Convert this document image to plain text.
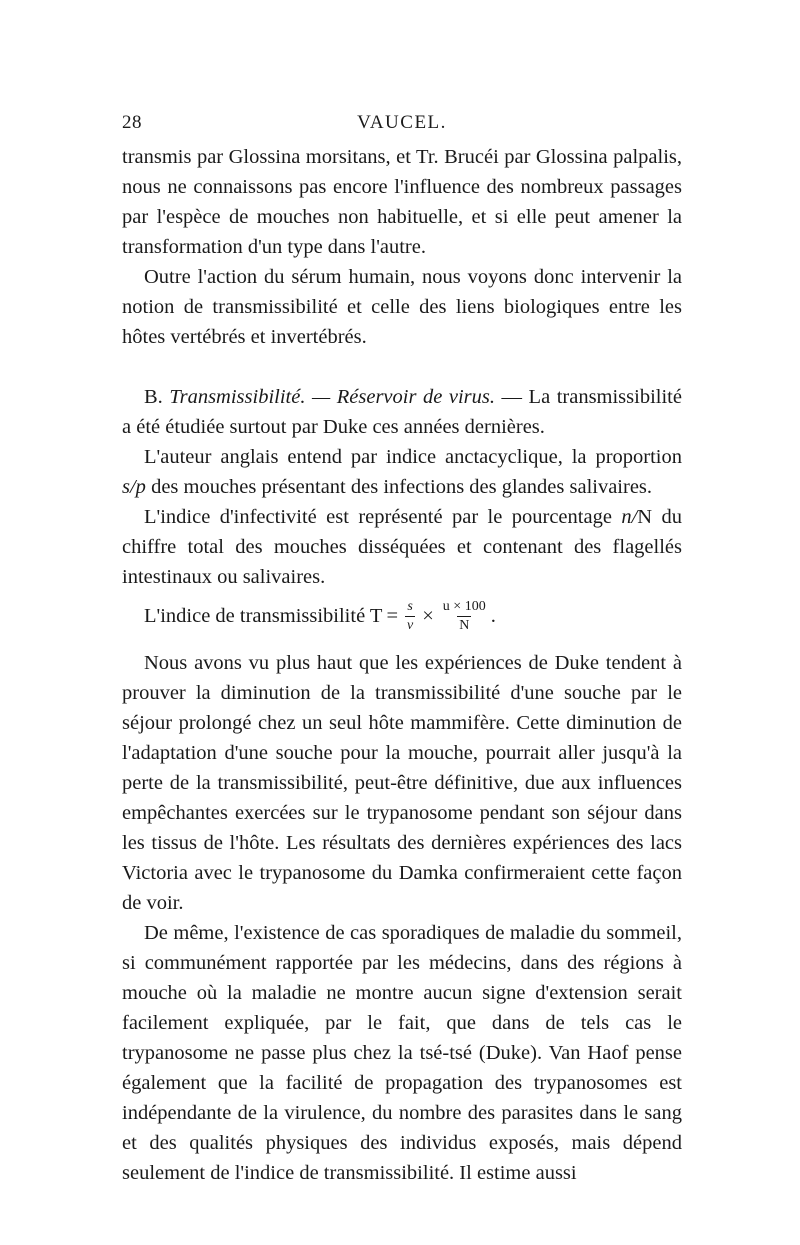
28	VAUCEL.

transmis par Glossina morsitans, et Tr. Brucéi par Glossina palpalis, nous ne connaissons pas encore l'influence des nombreux passages par l'espèce de mouches non habituelle, et si elle peut amener la transformation d'un type dans l'autre.

Outre l'action du sérum humain, nous voyons donc intervenir la notion de transmissibilité et celle des liens biologiques entre les hôtes vertébrés et invertébrés.

B. Transmissibilité. — Réservoir de virus. — La transmissibilité a été étudiée surtout par Duke ces années dernières.

L'auteur anglais entend par indice anctacyclique, la proportion s/p des mouches présentant des infections des glandes salivaires.

L'indice d'infectivité est représenté par le pourcentage n/N du chiffre total des mouches disséquées et contenant des flagellés intestinaux ou salivaires.

L'indice de transmissibilité $T = \frac{s}{v} \times \frac{u \times 100}{N}$ .

Nous avons vu plus haut que les expériences de Duke tendent à prouver la diminution de la transmissibilité d'une souche par le séjour prolongé chez un seul hôte mammifère. Cette diminution de l'adaptation d'une souche pour la mouche, pourrait aller jusqu'à la perte de la transmissibilité, peut-être définitive, due aux influences empêchantes exercées sur le trypanosome pendant son séjour dans les tissus de l'hôte. Les résultats des dernières expériences des lacs Victoria avec le trypanosome du Damka confirmeraient cette façon de voir.

De même, l'existence de cas sporadiques de maladie du sommeil, si communément rapportée par les médecins, dans des régions à mouche où la maladie ne montre aucun signe d'extension serait facilement expliquée, par le fait, que dans de tels cas le trypanosome ne passe plus chez la tsé-tsé (Duke). Van Haof pense également que la facilité de propagation des trypanosomes est indépendante de la virulence, du nombre des parasites dans le sang et des qualités physiques des individus exposés, mais dépend seulement de l'indice de transmissibilité. Il estime aussi
